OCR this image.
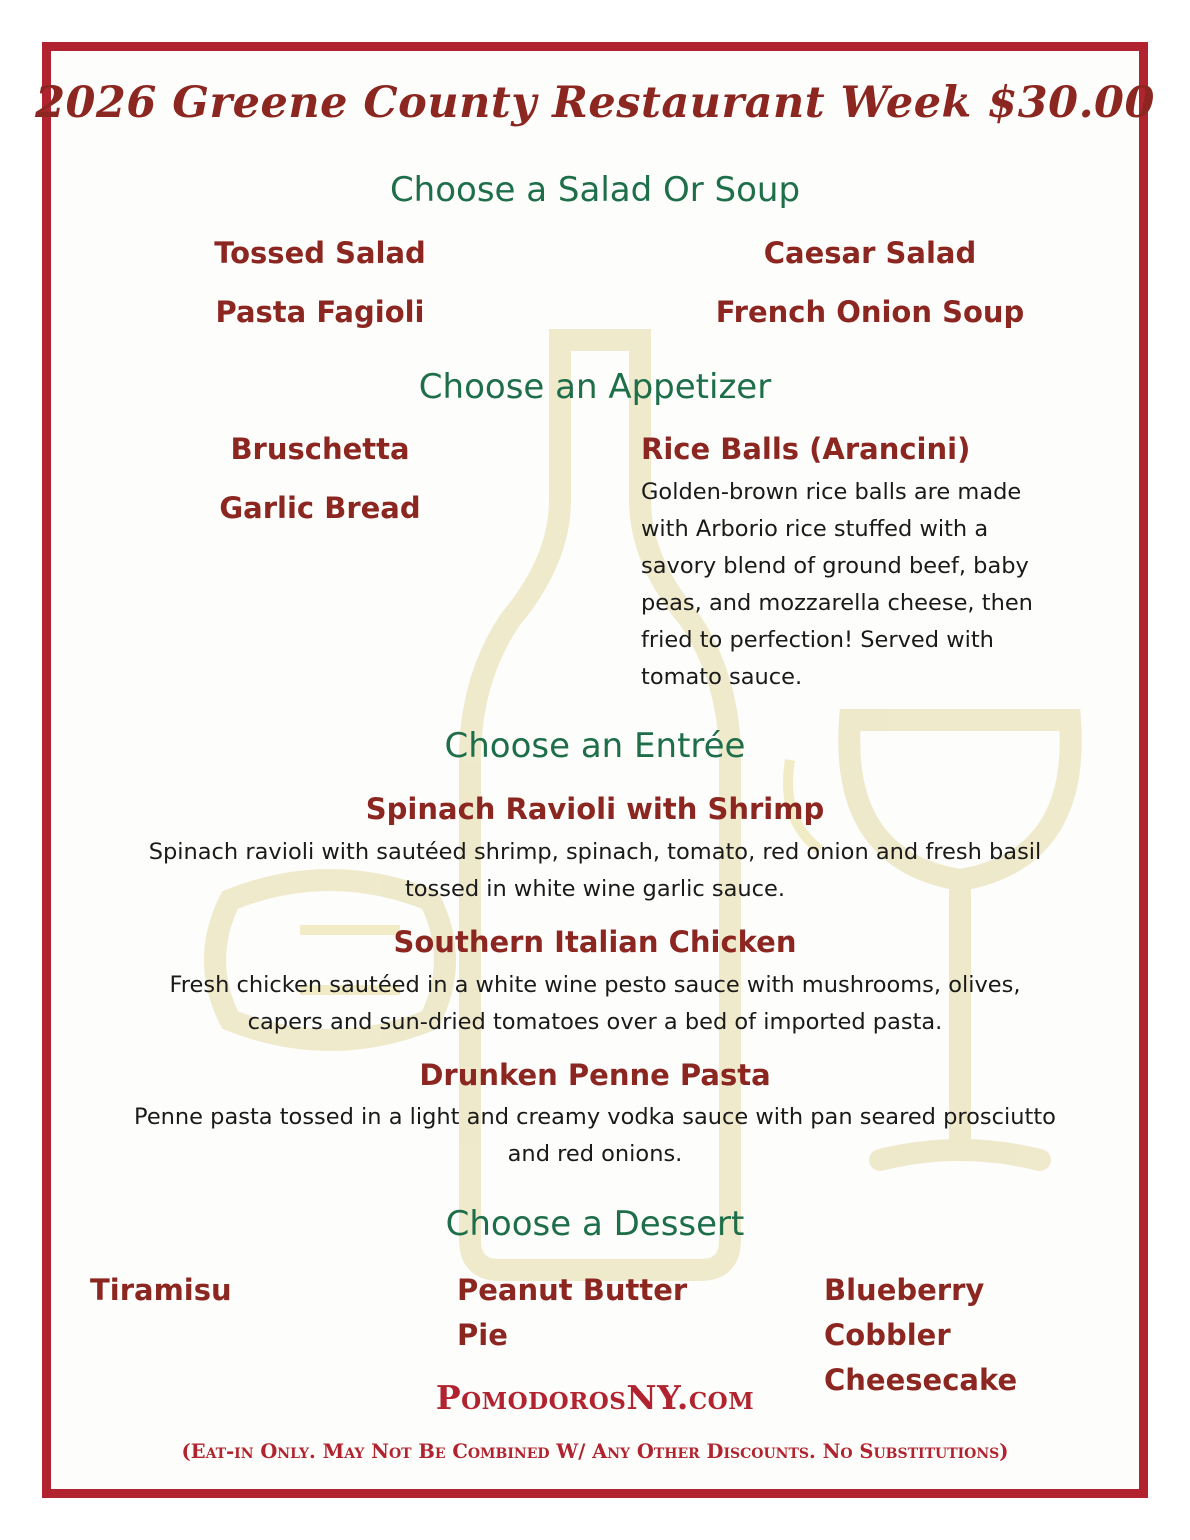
2026 Greene County Restaurant Week $30.00
Choose a Salad Or Soup
Tossed Salad	Caesar Salad
Pasta Fagioli	French Onion Soup
Choose an Appetizer
Bruschetta
Garlic Bread
Rice Balls (Arancini)
Golden-brown rice balls are made
with Arborio rice stuffed with a
savory blend of ground beef, baby
peas, and mozzarella cheese, then
fried to perfection! Served with
tomato sauce.
Choose an Entrée
Spinach Ravioli with Shrimp
Spinach ravioli with sautéed shrimp, spinach, tomato, red onion and fresh basil
tossed in white wine garlic sauce.
Southern Italian Chicken
Fresh chicken sautéed in a white wine pesto sauce with mushrooms, olives,
capers and sun-dried tomatoes over a bed of imported pasta.
Drunken Penne Pasta
Penne pasta tossed in a light and creamy vodka sauce with pan seared prosciutto
and red onions.
Choose a Dessert
Tiramisu	Peanut Butter
Pie
Blueberry
Cobbler
Cheesecake
PomodorosNY.com
(Eat-in Only. May Not Be Combined W/ Any Other Discounts. No Substitutions)
